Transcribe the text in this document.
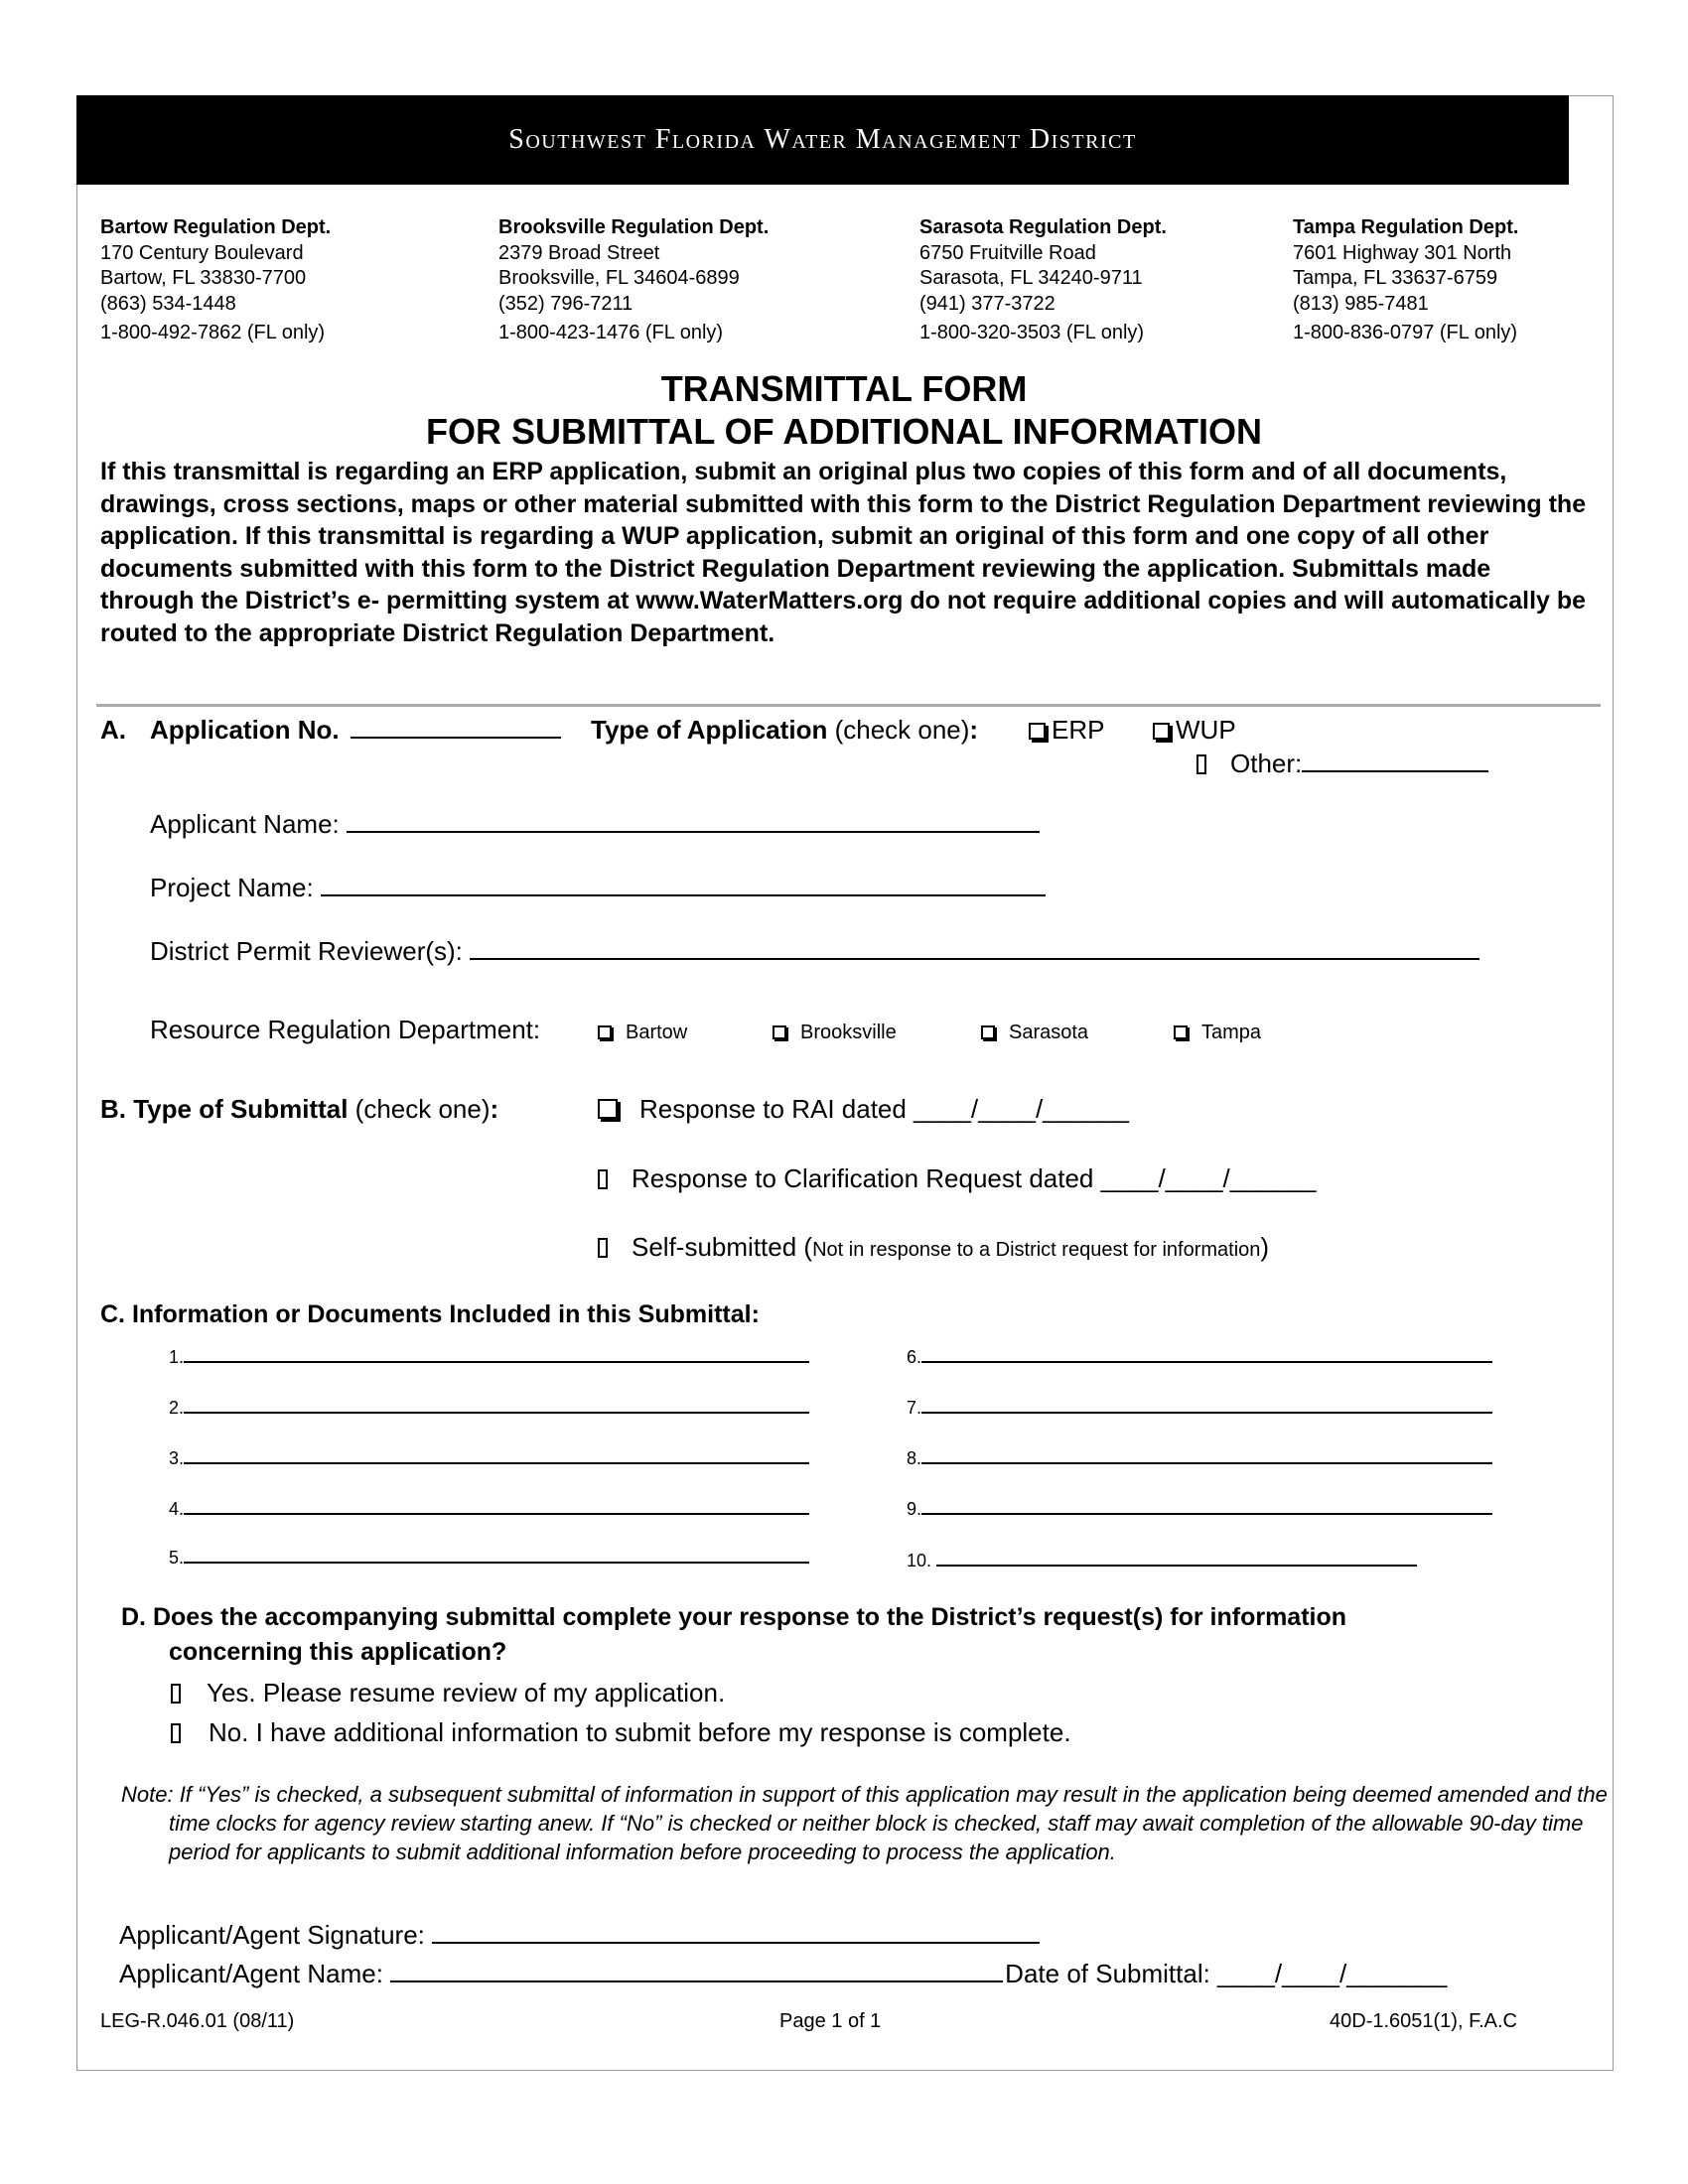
Southwest Florida Water Management District
Bartow Regulation Dept.
170 Century Boulevard
Bartow, FL 33830-7700
(863) 534-1448
1-800-492-7862 (FL only)
Brooksville Regulation Dept.
2379 Broad Street
Brooksville, FL 34604-6899
(352) 796-7211
1-800-423-1476 (FL only)
Sarasota Regulation Dept.
6750 Fruitville Road
Sarasota, FL 34240-9711
(941) 377-3722
1-800-320-3503 (FL only)
Tampa Regulation Dept.
7601 Highway 301 North
Tampa, FL 33637-6759
(813) 985-7481
1-800-836-0797 (FL only)
TRANSMITTAL FORM
FOR SUBMITTAL OF ADDITIONAL INFORMATION
If this transmittal is regarding an ERP application, submit an original plus two copies of this form and of all documents, drawings, cross sections, maps or other material submitted with this form to the District Regulation Department reviewing the application. If this transmittal is regarding a WUP application, submit an original of this form and one copy of all other documents submitted with this form to the District Regulation Department reviewing the application. Submittals made through the District’s e- permitting system at www.WaterMatters.org do not require additional copies and will automatically be routed to the appropriate District Regulation Department.
A. Application No.	Type of Application (check one):	ERP	WUP
Other:
Applicant Name:
Project Name:
District Permit Reviewer(s):
Resource Regulation Department:	Bartow	Brooksville	Sarasota	Tampa
B. Type of Submittal (check one):	Response to RAI dated ____/____/______
Response to Clarification Request dated ____/____/______
Self-submitted (Not in response to a District request for information)
C. Information or Documents Included in this Submittal:
1.
2.
3.
4.
5.
6.
7.
8.
9.
10.
D. Does the accompanying submittal complete your response to the District’s request(s) for information
concerning this application?
Yes. Please resume review of my application.
No. I have additional information to submit before my response is complete.
Note: If “Yes” is checked, a subsequent submittal of information in support of this application may result in the application being deemed amended and the time clocks for agency review starting anew. If “No” is checked or neither block is checked, staff may await completion of the allowable 90-day time period for applicants to submit additional information before proceeding to process the application.
Applicant/Agent Signature:
Applicant/Agent Name:	Date of Submittal: ____/____/_______
LEG-R.046.01 (08/11)	Page 1 of 1	40D-1.6051(1), F.A.C
